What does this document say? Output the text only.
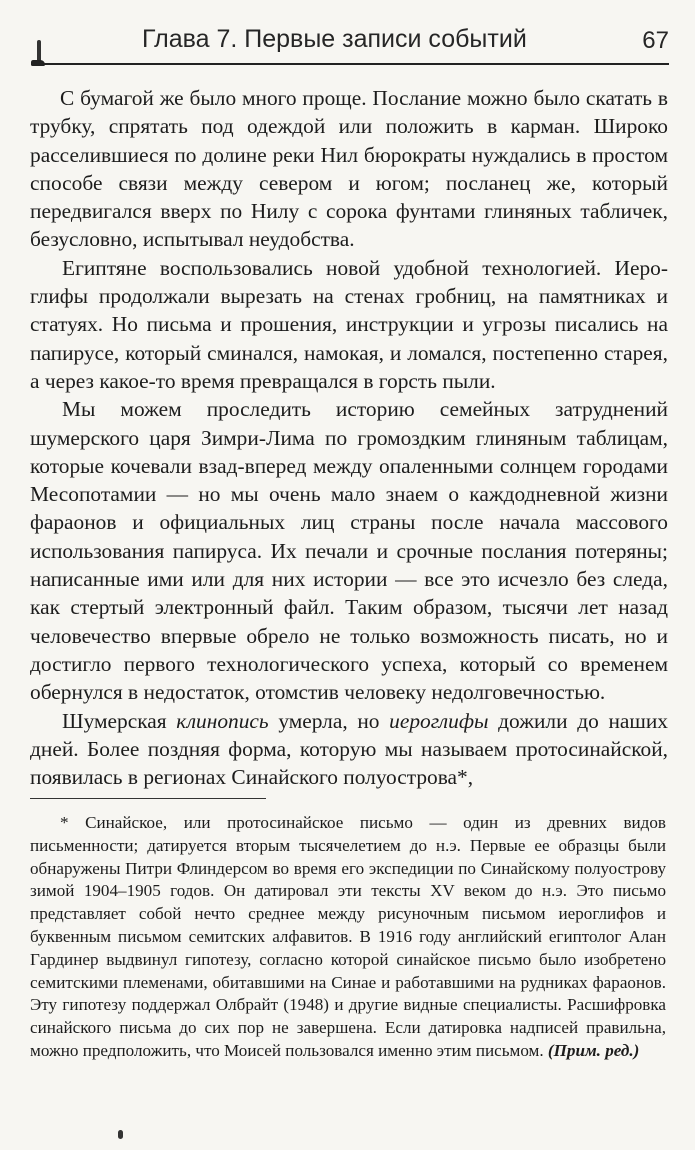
Глава 7. Первые записи событий	67

С бумагой же было много проще. Послание можно было скатать в трубку, спрятать под одеждой или положить в карман. Широко расселившиеся по долине реки Нил бюрократы нуждались в простом способе связи между севером и югом; посланец же, который передвигался вверх по Нилу с сорока фунтами глиняных табличек, безусловно, испытывал неудобства.

Египтяне воспользовались новой удобной технологией. Иероглифы продолжали вырезать на стенах гробниц, на памятниках и статуях. Но письма и прошения, инструкции и угрозы писались на папирусе, который сминался, намокая, и ломался, постепенно старея, а через какое-то время превращался в горсть пыли.

Мы можем проследить историю семейных затруднений шумерского царя Зимри-Лима по громоздким глиняным таблицам, которые кочевали взад-вперед между опаленными солнцем городами Месопотамии — но мы очень мало знаем о каждодневной жизни фараонов и официальных лиц страны после начала массового использования папируса. Их печали и срочные послания потеряны; написанные ими или для них истории — все это исчезло без следа, как стертый электронный файл. Таким образом, тысячи лет назад человечество впервые обрело не только возможность писать, но и достигло первого технологического успеха, который со временем обернулся в недостаток, отомстив человеку недолговечностью.

Шумерская клинопись умерла, но иероглифы дожили до наших дней. Более поздняя форма, которую мы называем протосинайской, появилась в регионах Синайского полуострова*,

* Синайское, или протосинайское письмо — один из древних видов письменности; датируется вторым тысячелетием до н.э. Первые ее образцы были обнаружены Питри Флиндерсом во время его экспедиции по Синайскому полуострову зимой 1904–1905 годов. Он датировал эти тексты XV веком до н.э. Это письмо представляет собой нечто среднее между рисуночным письмом иероглифов и буквенным письмом семитских алфавитов. В 1916 году английский египтолог Алан Гардинер выдвинул гипотезу, согласно которой синайское письмо было изобретено семитскими племенами, обитавшими на Синае и работавшими на рудниках фараонов. Эту гипотезу поддержал Олбрайт (1948) и другие видные специалисты. Расшифровка синайского письма до сих пор не завершена. Если датировка надписей правильна, можно предположить, что Моисей пользовался именно этим письмом. (Прим. ред.)
